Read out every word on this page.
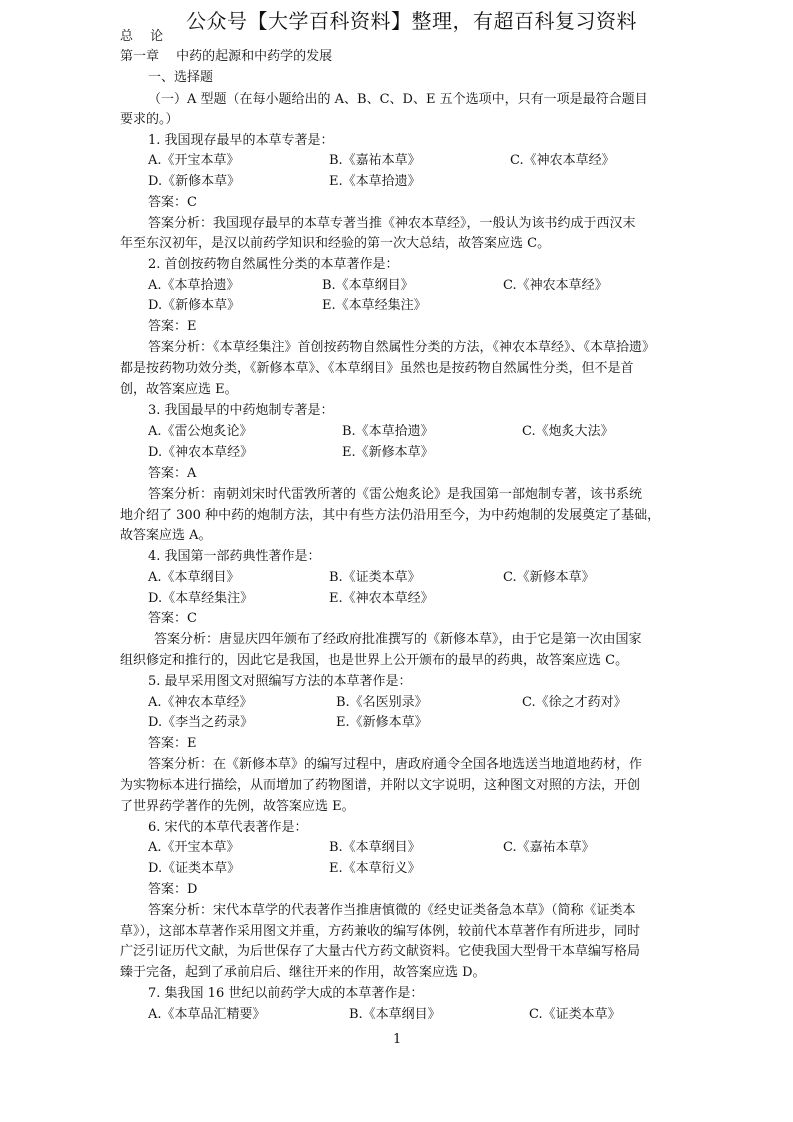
公众号【大学百科资料】整理，有超百科复习资料
总　 论
第一章　 中药的起源和中药学的发展
一、选择题
（一）A 型题（在每小题给出的 A、B、C、D、E 五个选项中，只有一项是最符合题目
要求的。）
1. 我国现存最早的本草专著是：
A.《开宝本草》	B.《嘉祐本草》	C.《神农本草经》
D.《新修本草》	E.《本草拾遗》
答案：C
答案分析：我国现存最早的本草专著当推《神农本草经》，一般认为该书约成于西汉末
年至东汉初年，是汉以前药学知识和经验的第一次大总结，故答案应选 C。
2. 首创按药物自然属性分类的本草著作是：
A.《本草拾遗》	B.《本草纲目》	C.《神农本草经》
D.《新修本草》	E.《本草经集注》
答案：E
答案分析：《本草经集注》首创按药物自然属性分类的方法，《神农本草经》、《本草拾遗》
都是按药物功效分类，《新修本草》、《本草纲目》虽然也是按药物自然属性分类，但不是首
创，故答案应选 E。
3. 我国最早的中药炮制专著是：
A.《雷公炮炙论》	B.《本草拾遗》	C.《炮炙大法》
D.《神农本草经》	E.《新修本草》
答案：A
答案分析：南朝刘宋时代雷敩所著的《雷公炮炙论》是我国第一部炮制专著，该书系统
地介绍了 300 种中药的炮制方法，其中有些方法仍沿用至今，为中药炮制的发展奠定了基础，
故答案应选 A。
4. 我国第一部药典性著作是：
A.《本草纲目》	B.《证类本草》	C.《新修本草》
D.《本草经集注》	E.《神农本草经》
答案：C
答案分析：唐显庆四年颁布了经政府批准撰写的《新修本草》，由于它是第一次由国家
组织修定和推行的，因此它是我国，也是世界上公开颁布的最早的药典，故答案应选 C。
5. 最早采用图文对照编写方法的本草著作是：
A.《神农本草经》	B.《名医别录》	C.《徐之才药对》
D.《李当之药录》	E.《新修本草》
答案：E
答案分析：在《新修本草》的编写过程中，唐政府通令全国各地选送当地道地药材，作
为实物标本进行描绘，从而增加了药物图谱，并附以文字说明，这种图文对照的方法，开创
了世界药学著作的先例，故答案应选 E。
6. 宋代的本草代表著作是：
A.《开宝本草》	B.《本草纲目》	C.《嘉祐本草》
D.《证类本草》	E.《本草衍义》
答案：D
答案分析：宋代本草学的代表著作当推唐慎微的《经史证类备急本草》（简称《证类本
草》），这部本草著作采用图文并重，方药兼收的编写体例，较前代本草著作有所进步，同时
广泛引证历代文献，为后世保存了大量古代方药文献资料。它使我国大型骨干本草编写格局
臻于完备，起到了承前启后、继往开来的作用，故答案应选 D。
7. 集我国 16 世纪以前药学大成的本草著作是：
A.《本草品汇精要》	B.《本草纲目》	C.《证类本草》
1
